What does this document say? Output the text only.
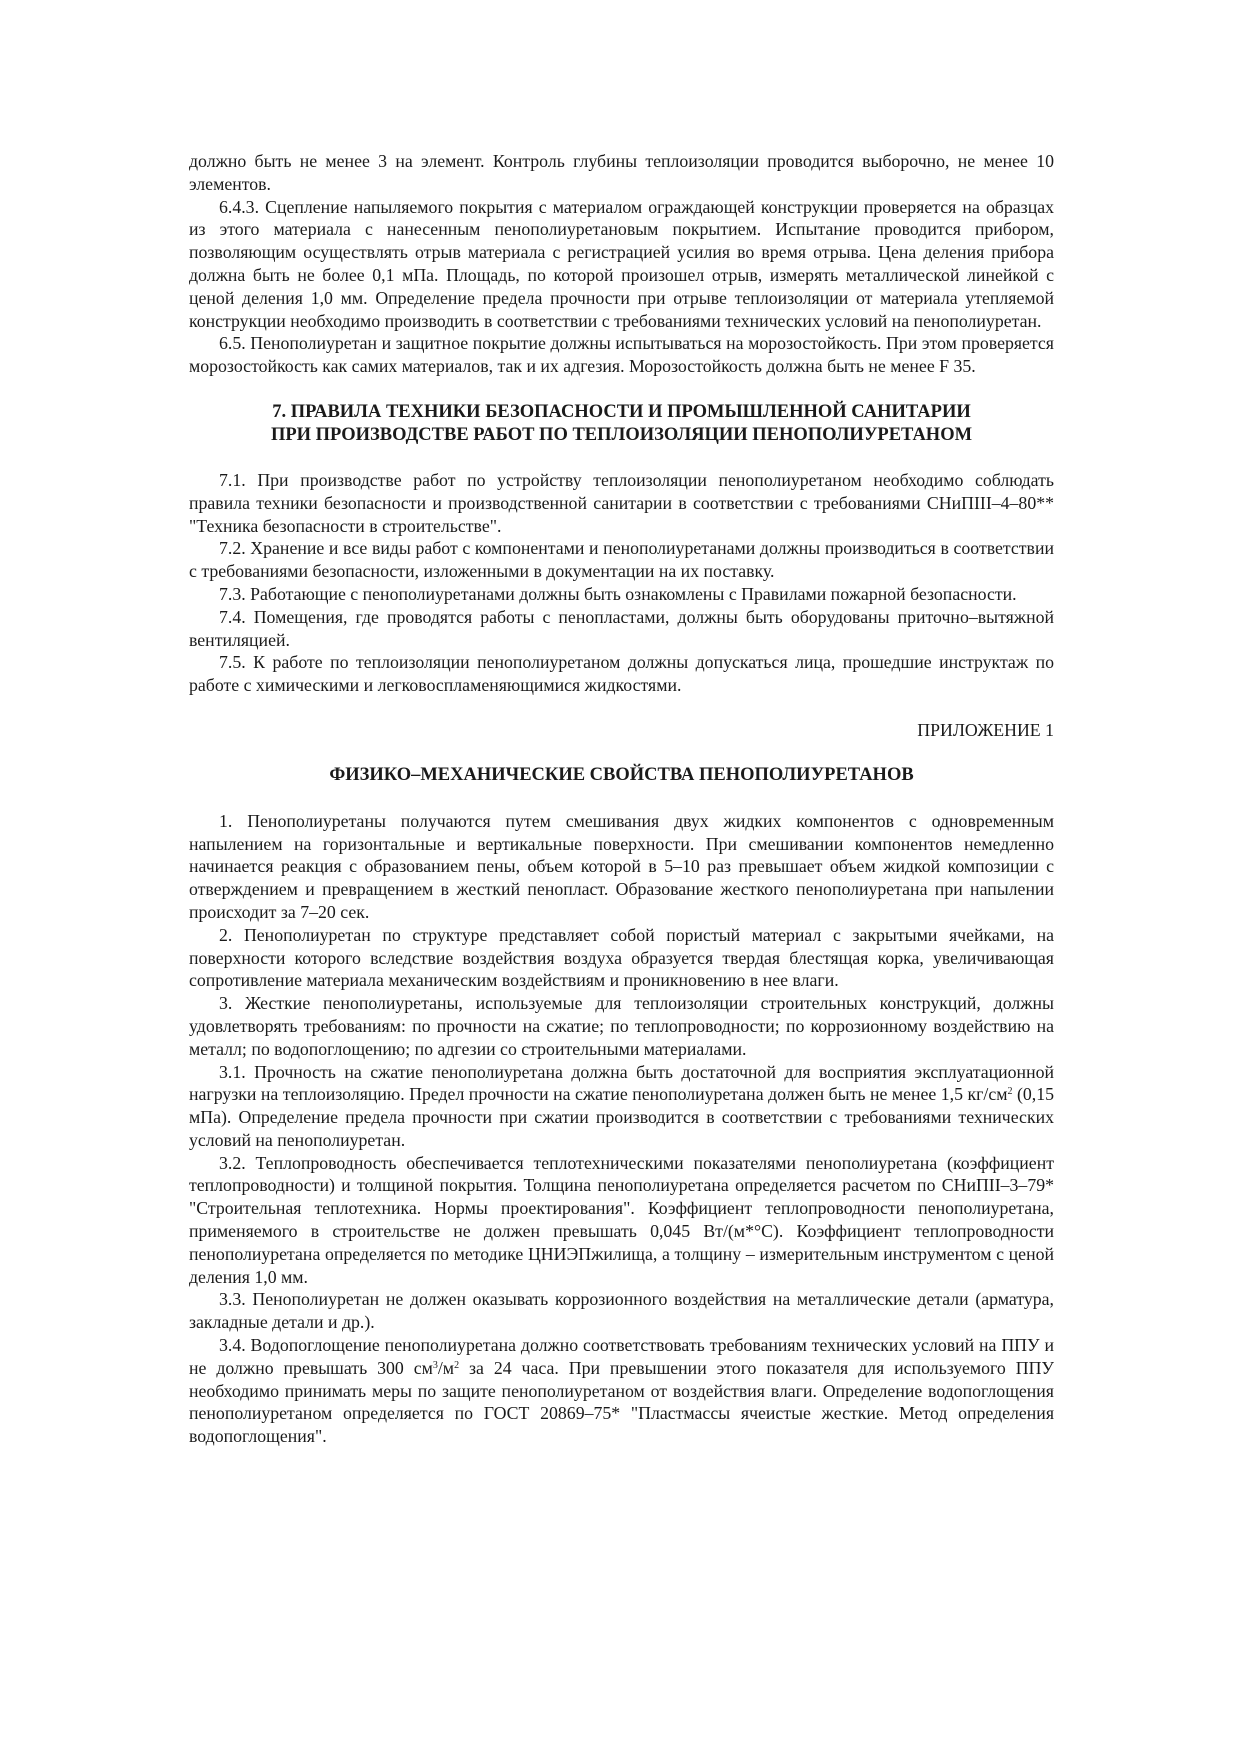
должно быть не менее 3 на элемент. Контроль глубины теплоизоляции проводится выборочно, не менее 10 элементов.

6.4.3. Сцепление напыляемого покрытия с материалом ограждающей конструкции проверяется на образцах из этого материала с нанесенным пенополиуретановым покрытием. Испытание проводится прибором, позволяющим осуществлять отрыв материала с регистрацией усилия во время отрыва. Цена деления прибора должна быть не более 0,1 мПа. Площадь, по которой произошел отрыв, измерять металлической линейкой с ценой деления 1,0 мм. Определение предела прочности при отрыве теплоизоляции от материала утепляемой конструкции необходимо производить в соответствии с требованиями технических условий на пенополиуретан.

6.5. Пенополиуретан и защитное покрытие должны испытываться на морозостойкость. При этом проверяется морозостойкость как самих материалов, так и их адгезия. Морозостойкость должна быть не менее F 35.

7. ПРАВИЛА ТЕХНИКИ БЕЗОПАСНОСТИ И ПРОМЫШЛЕННОЙ САНИТАРИИ
ПРИ ПРОИЗВОДСТВЕ РАБОТ ПО ТЕПЛОИЗОЛЯЦИИ ПЕНОПОЛИУРЕТАНОМ

7.1. При производстве работ по устройству теплоизоляции пенополиуретаном необходимо соблюдать правила техники безопасности и производственной санитарии в соответствии с требованиями СНиПIII–4–80** "Техника безопасности в строительстве".

7.2. Хранение и все виды работ с компонентами и пенополиуретанами должны производиться в соответствии с требованиями безопасности, изложенными в документации на их поставку.

7.3. Работающие с пенополиуретанами должны быть ознакомлены с Правилами пожарной безопасности.

7.4. Помещения, где проводятся работы с пенопластами, должны быть оборудованы приточно–вытяжной вентиляцией.

7.5. К работе по теплоизоляции пенополиуретаном должны допускаться лица, прошедшие инструктаж по работе с химическими и легковоспламеняющимися жидкостями.

ПРИЛОЖЕНИЕ 1

ФИЗИКО–МЕХАНИЧЕСКИЕ СВОЙСТВА ПЕНОПОЛИУРЕТАНОВ

1. Пенополиуретаны получаются путем смешивания двух жидких компонентов с одновременным напылением на горизонтальные и вертикальные поверхности. При смешивании компонентов немедленно начинается реакция с образованием пены, объем которой в 5–10 раз превышает объем жидкой композиции с отверждением и превращением в жесткий пенопласт. Образование жесткого пенополиуретана при напылении происходит за 7–20 сек.

2. Пенополиуретан по структуре представляет собой пористый материал с закрытыми ячейками, на поверхности которого вследствие воздействия воздуха образуется твердая блестящая корка, увеличивающая сопротивление материала механическим воздействиям и проникновению в нее влаги.

3. Жесткие пенополиуретаны, используемые для теплоизоляции строительных конструкций, должны удовлетворять требованиям: по прочности на сжатие; по теплопроводности; по коррозионному воздействию на металл; по водопоглощению; по адгезии со строительными материалами.

3.1. Прочность на сжатие пенополиуретана должна быть достаточной для восприятия эксплуатационной нагрузки на теплоизоляцию. Предел прочности на сжатие пенополиуретана должен быть не менее 1,5 $кг/см^2$ (0,15 мПа). Определение предела прочности при сжатии производится в соответствии с требованиями технических условий на пенополиуретан.

3.2. Теплопроводность обеспечивается теплотехническими показателями пенополиуретана (коэффициент теплопроводности) и толщиной покрытия. Толщина пенополиуретана определяется расчетом по СНиПII–3–79* "Строительная теплотехника. Нормы проектирования". Коэффициент теплопроводности пенополиуретана, применяемого в строительстве не должен превышать 0,045 Вт/(м*°С). Коэффициент теплопроводности пенополиуретана определяется по методике ЦНИЭПжилища, а толщину – измерительным инструментом с ценой деления 1,0 мм.

3.3. Пенополиуретан не должен оказывать коррозионного воздействия на металлические детали (арматура, закладные детали и др.).

3.4. Водопоглощение пенополиуретана должно соответствовать требованиям технических условий на ППУ и не должно превышать 300 $см^3/м^2$ за 24 часа. При превышении этого показателя для используемого ППУ необходимо принимать меры по защите пенополиуретаном от воздействия влаги. Определение водопоглощения пенополиуретаном определяется по ГОСТ 20869–75* "Пластмассы ячеистые жесткие. Метод определения водопоглощения".
